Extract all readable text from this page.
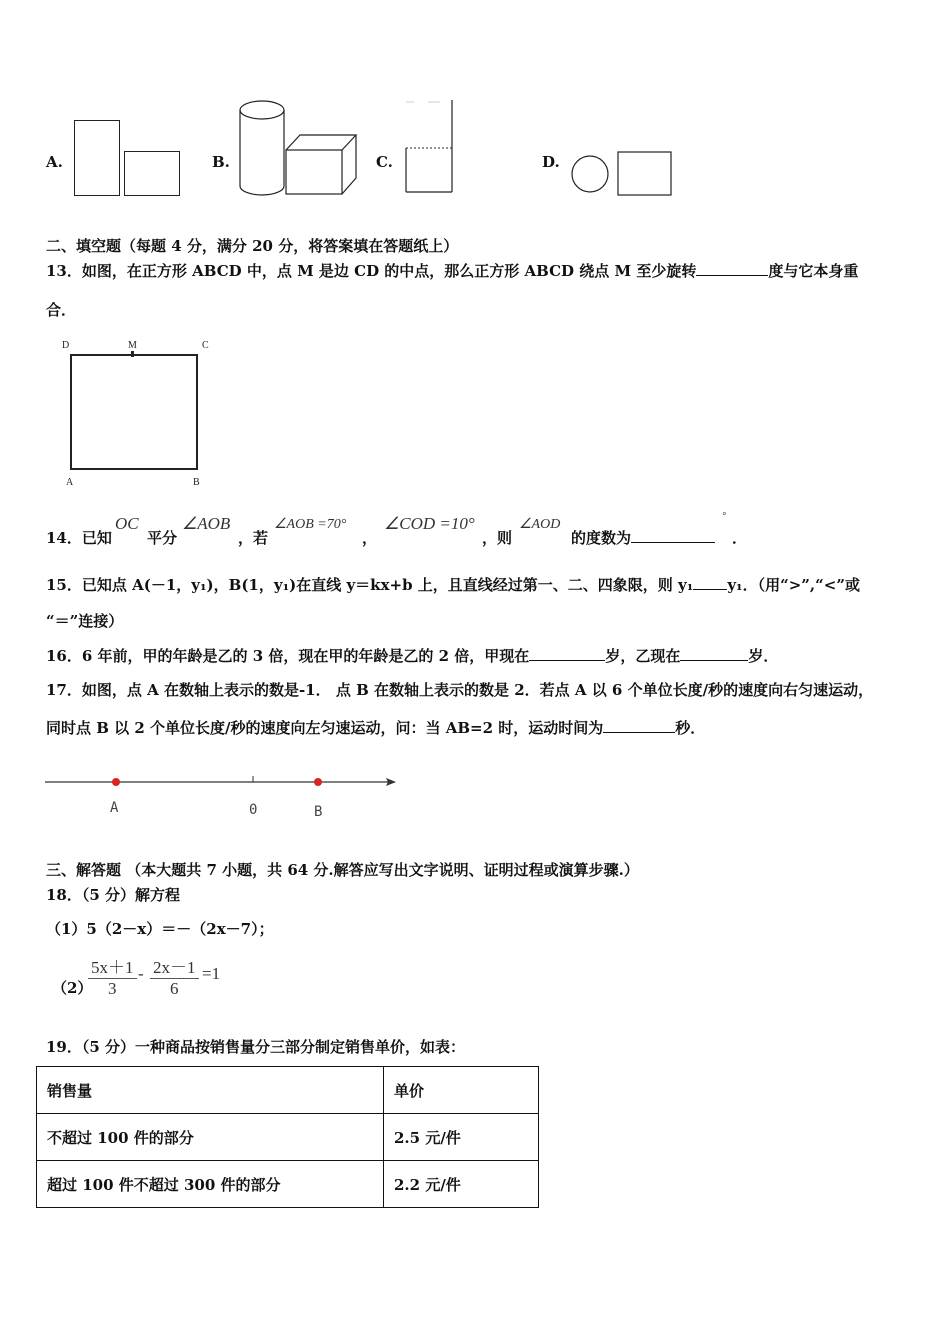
A.	B.	C.	D.
二、填空题（每题 4 分，满分 20 分，将答案填在答题纸上）
13．如图，在正方形 ABCD 中，点 M 是边 CD 的中点，那么正方形 ABCD 绕点 M 至少旋转	度与它本身重
合．
D	M	C
A	B
14．已知
OC
平分
∠AOB
，若
∠AOB =70°
，
∠COD =10°
，则
∠AOD
的度数为
°
．
15．已知点 A(－1，y₁)，B(1，y₁)在直线 y＝kx+b 上，且直线经过第一、二、四象限，则 y₁ y₁．（用“>”,“<”或
“＝”连接）
16．6 年前，甲的年龄是乙的 3 倍，现在甲的年龄是乙的 2 倍，甲现在	岁，乙现在	岁．
17．如图，点 A 在数轴上表示的数是-1． 点 B 在数轴上表示的数是 2．若点 A 以 6 个单位长度/秒的速度向右匀速运动，
同时点 B 以 2 个单位长度/秒的速度向左匀速运动，问：当 AB=2 时，运动时间为	秒．
A	0	B
三、解答题 （本大题共 7 小题，共 64 分.解答应写出文字说明、证明过程或演算步骤.）
18．（5 分）解方程
（1）5（2－x）＝－（2x－7）；
（2）
$\frac{5x+1}{3} - \frac{2x-1}{6} =1$
19．（5 分）一种商品按销售量分三部分制定销售单价，如表：
销售量	单价
不超过 100 件的部分	2.5 元/件
超过 100 件不超过 300 件的部分	2.2 元/件
